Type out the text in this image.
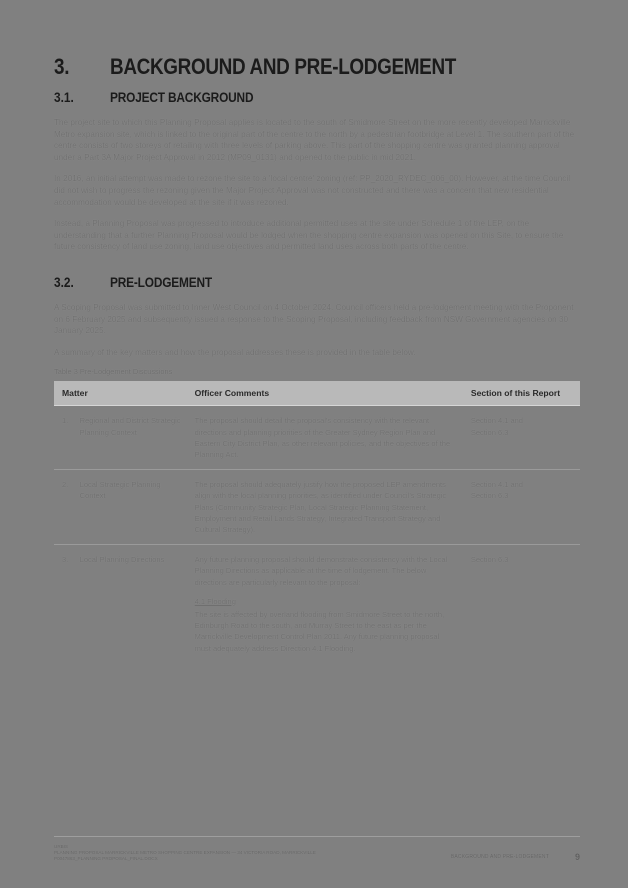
3.	BACKGROUND AND PRE-LODGEMENT
3.1.	PROJECT BACKGROUND

The project site to which this Planning Proposal applies is located to the south of Smidmore Street on the more recently developed Marrickville Metro expansion site, which is linked to the original part of the centre to the north by a pedestrian footbridge at Level 1. The southern part of the centre consists of two storeys of retailing with three levels of parking above. This part of the shopping centre was granted planning approval under a Part 3A Major Project Approval in 2012 (MP09_0131) and opened to the public in mid 2021.

In 2016, an initial attempt was made to rezone the site to a 'local centre' zoning (ref: PP_2020_RYDEC_006_00). However, at the time Council did not wish to progress the rezoning given the Major Project Approval was not constructed and there was a concern that new residential accommodation would be developed at the site if it was rezoned.

Instead, a Planning Proposal was progressed to introduce additional permitted uses at the site under Schedule 1 of the LEP, on the understanding that a further Planning Proposal would be lodged when the shopping centre expansion was opened on this Site, to ensure the future consistency of land use zoning, land use objectives and permitted land uses across both parts of the centre.

3.2.	PRE-LODGEMENT

A Scoping Proposal was submitted to Inner West Council on 4 October 2024. Council officers held a pre-lodgement meeting with the Proponent on 6 February 2025 and subsequently issued a response to the Scoping Proposal, including feedback from NSW Government agencies on 30 January 2025.

A summary of the key matters and how the proposal addresses these is provided in the table below.

Table 3 Pre-Lodgement Discussions
Matter		Officer Comments	Section of this Report
1.	Regional and District Strategic Planning Context	The proposal should detail the proposal's consistency with the relevant directions and planning priorities of the Greater Sydney Region Plan and Eastern City District Plan, as other relevant policies, and the objectives of the Planning Act.	Section 4.1 and
Section 6.3

2.	Local Strategic Planning Context	The proposal should adequately justify how the proposed LEP amendments align with the local planning priorities, as identified under Council's Strategic Plans (Community Strategic Plan, Local Strategic Planning Statement, Employment and Retail Lands Strategy, Integrated Transport Strategy and Cultural Strategy).	Section 4.1 and
Section 6.3

3.	Local Planning Directions	Any future planning proposal should demonstrate consistency with the Local Planning Directions as applicable at the time of lodgement. The below directions are particularly relevant to the proposal:

4.1 Flooding

The site is affected by overland flooding from Smidmore Street to the north, Edinburgh Road to the south, and Murray Street to the east as per the Marrickville Development Control Plan 2011. Any future planning proposal must adequately address Direction 4.1 Flooding.	Section 6.3
URBIS
PLANNING PROPOSAL MARRICKVILLE METRO SHOPPING CENTRE EXPANSION — 34 VICTORIA ROAD, MARRICKVILLE
P0047863_PLANNING PROPOSAL_FINAL.DOCX	BACKGROUND AND PRE-LODGEMENT	9
